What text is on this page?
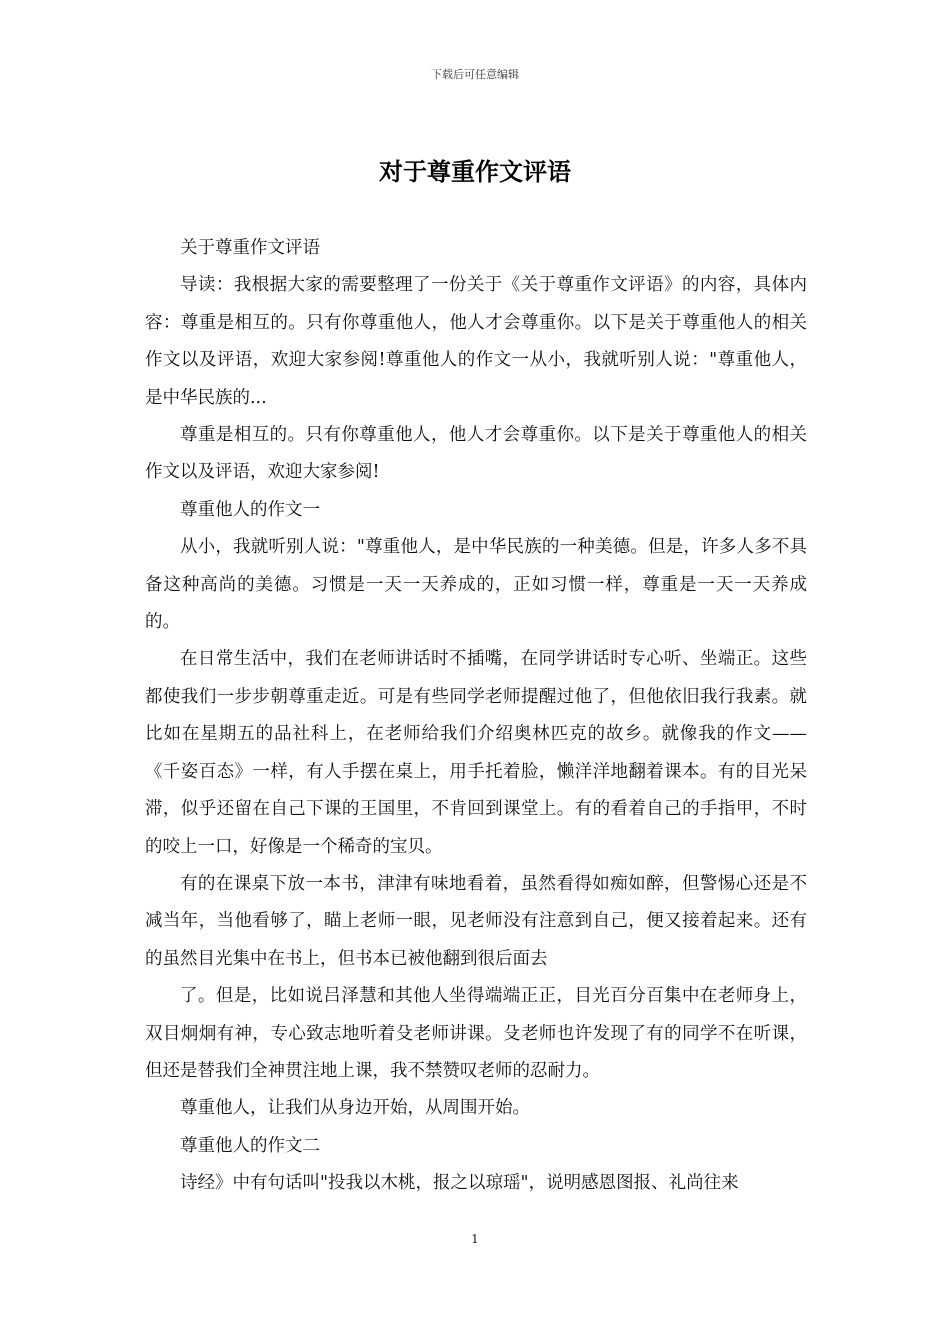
下载后可任意编辑
对于尊重作文评语

关于尊重作文评语

导读：我根据大家的需要整理了一份关于《关于尊重作文评语》的内容，具体内容：尊重是相互的。只有你尊重他人，他人才会尊重你。以下是关于尊重他人的相关作文以及评语，欢迎大家参阅!尊重他人的作文一从小，我就听别人说："尊重他人，是中华民族的...

尊重是相互的。只有你尊重他人，他人才会尊重你。以下是关于尊重他人的相关作文以及评语，欢迎大家参阅!

尊重他人的作文一

从小，我就听别人说："尊重他人，是中华民族的一种美德。但是，许多人多不具备这种高尚的美德。习惯是一天一天养成的，正如习惯一样，尊重是一天一天养成的。

在日常生活中，我们在老师讲话时不插嘴，在同学讲话时专心听、坐端正。这些都使我们一步步朝尊重走近。可是有些同学老师提醒过他了，但他依旧我行我素。就比如在星期五的品社科上，在老师给我们介绍奥林匹克的故乡。就像我的作文——《千姿百态》一样，有人手摆在桌上，用手托着脸，懒洋洋地翻着课本。有的目光呆滞，似乎还留在自己下课的王国里，不肯回到课堂上。有的看着自己的手指甲，不时的咬上一口，好像是一个稀奇的宝贝。

有的在课桌下放一本书，津津有味地看着，虽然看得如痴如醉，但警惕心还是不减当年，当他看够了，瞄上老师一眼，见老师没有注意到自己，便又接着起来。还有的虽然目光集中在书上，但书本已被他翻到很后面去

了。但是，比如说吕泽慧和其他人坐得端端正正，目光百分百集中在老师身上，双目炯炯有神，专心致志地听着殳老师讲课。殳老师也许发现了有的同学不在听课，但还是替我们全神贯注地上课，我不禁赞叹老师的忍耐力。

尊重他人，让我们从身边开始，从周围开始。

尊重他人的作文二

诗经》中有句话叫"投我以木桃，报之以琼瑶"，说明感恩图报、礼尚往来

1
